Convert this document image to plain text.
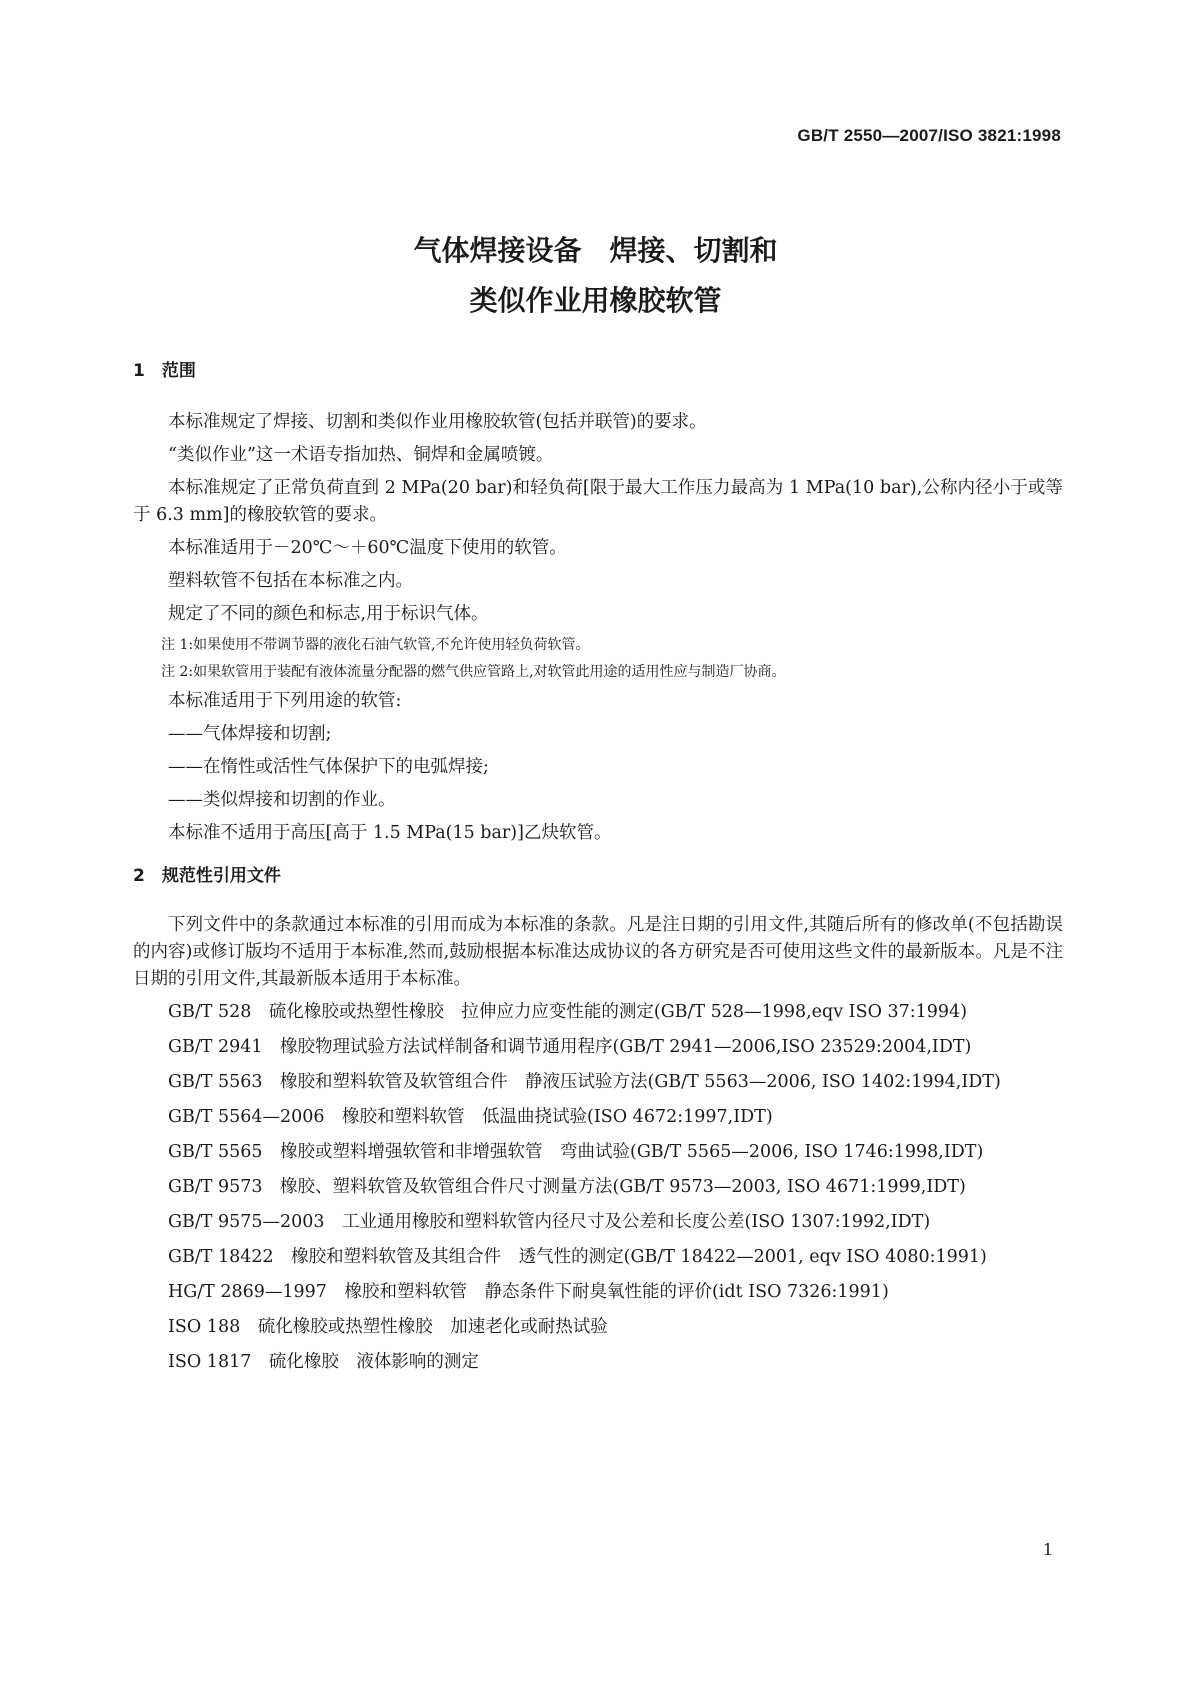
GB/T 2550—2007/ISO 3821:1998
气体焊接设备　焊接、切割和
类似作业用橡胶软管
1　范围

本标准规定了焊接、切割和类似作业用橡胶软管(包括并联管)的要求。

“类似作业”这一术语专指加热、铜焊和金属喷镀。

本标准规定了正常负荷直到 2 MPa(20 bar)和轻负荷[限于最大工作压力最高为 1 MPa(10 bar),公称内径小于或等于 6.3 mm]的橡胶软管的要求。

本标准适用于－20℃～＋60℃温度下使用的软管。

塑料软管不包括在本标准之内。

规定了不同的颜色和标志,用于标识气体。

注 1:如果使用不带调节器的液化石油气软管,不允许使用轻负荷软管。

注 2:如果软管用于装配有液体流量分配器的燃气供应管路上,对软管此用途的适用性应与制造厂协商。

本标准适用于下列用途的软管:

——气体焊接和切割;

——在惰性或活性气体保护下的电弧焊接;

——类似焊接和切割的作业。

本标准不适用于高压[高于 1.5 MPa(15 bar)]乙炔软管。

2　规范性引用文件

下列文件中的条款通过本标准的引用而成为本标准的条款。凡是注日期的引用文件,其随后所有的修改单(不包括勘误的内容)或修订版均不适用于本标准,然而,鼓励根据本标准达成协议的各方研究是否可使用这些文件的最新版本。凡是不注日期的引用文件,其最新版本适用于本标准。

GB/T 528　硫化橡胶或热塑性橡胶　拉伸应力应变性能的测定(GB/T 528—1998,eqv ISO 37:1994)

GB/T 2941　橡胶物理试验方法试样制备和调节通用程序(GB/T 2941—2006,ISO 23529:2004,IDT)

GB/T 5563　橡胶和塑料软管及软管组合件　静液压试验方法(GB/T 5563—2006, ISO 1402:1994,IDT)

GB/T 5564—2006　橡胶和塑料软管　低温曲挠试验(ISO 4672:1997,IDT)

GB/T 5565　橡胶或塑料增强软管和非增强软管　弯曲试验(GB/T 5565—2006, ISO 1746:1998,IDT)

GB/T 9573　橡胶、塑料软管及软管组合件尺寸测量方法(GB/T 9573—2003, ISO 4671:1999,IDT)

GB/T 9575—2003　工业通用橡胶和塑料软管内径尺寸及公差和长度公差(ISO 1307:1992,IDT)

GB/T 18422　橡胶和塑料软管及其组合件　透气性的测定(GB/T 18422—2001, eqv ISO 4080:1991)

HG/T 2869—1997　橡胶和塑料软管　静态条件下耐臭氧性能的评价(idt ISO 7326:1991)

ISO 188　硫化橡胶或热塑性橡胶　加速老化或耐热试验

ISO 1817　硫化橡胶　液体影响的测定

1
